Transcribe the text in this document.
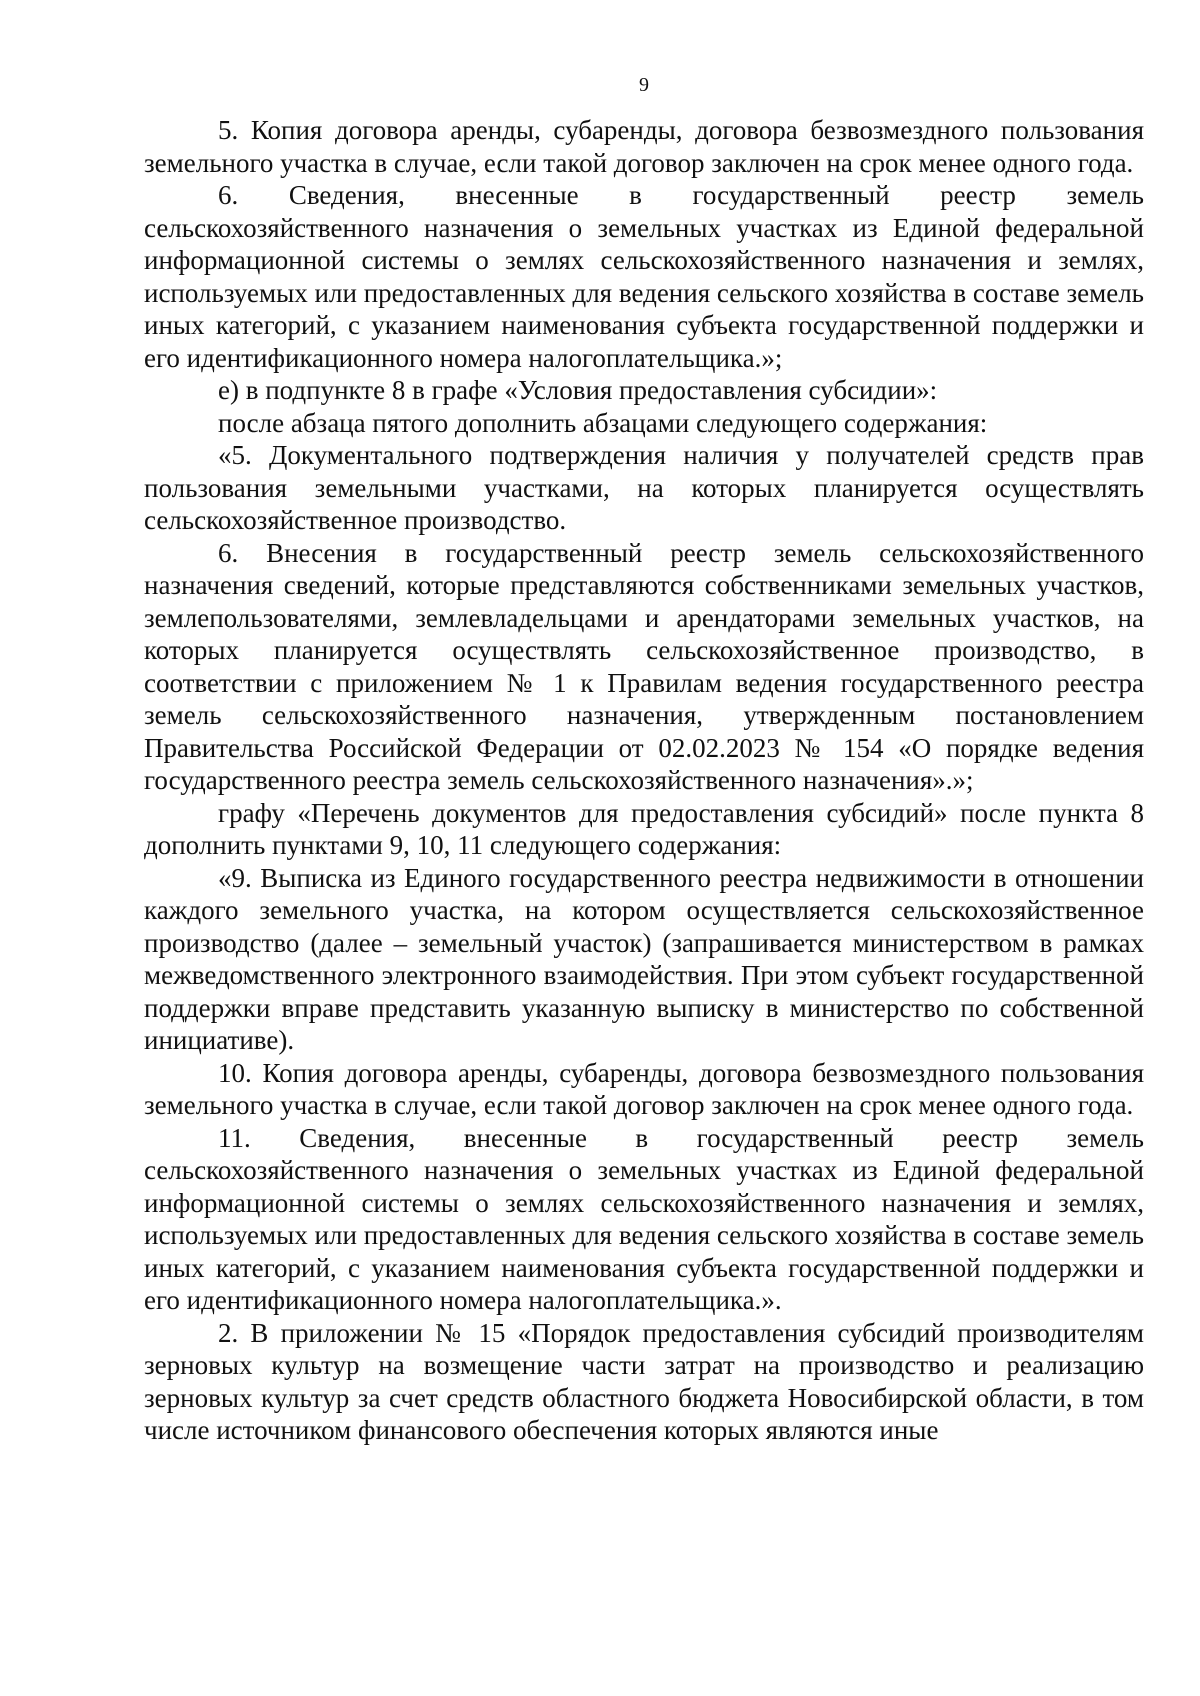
9

5. Копия договора аренды, субаренды, договора безвозмездного пользования земельного участка в случае, если такой договор заключен на срок менее одного года.

6. Сведения, внесенные в государственный реестр земель сельскохозяйственного назначения о земельных участках из Единой федеральной информационной системы о землях сельскохозяйственного назначения и землях, используемых или предоставленных для ведения сельского хозяйства в составе земель иных категорий, с указанием наименования субъекта государственной поддержки и его идентификационного номера налогоплательщика.»;

е) в подпункте 8 в графе «Условия предоставления субсидии»:

после абзаца пятого дополнить абзацами следующего содержания:

«5. Документального подтверждения наличия у получателей средств прав пользования земельными участками, на которых планируется осуществлять сельскохозяйственное производство.

6. Внесения в государственный реестр земель сельскохозяйственного назначения сведений, которые представляются собственниками земельных участков, землепользователями, землевладельцами и арендаторами земельных участков, на которых планируется осуществлять сельскохозяйственное производство, в соответствии с приложением № 1 к Правилам ведения государственного реестра земель сельскохозяйственного назначения, утвержденным постановлением Правительства Российской Федерации от 02.02.2023 № 154 «О порядке ведения государственного реестра земель сельскохозяйственного назначения».»;

графу «Перечень документов для предоставления субсидий» после пункта 8 дополнить пунктами 9, 10, 11 следующего содержания:

«9. Выписка из Единого государственного реестра недвижимости в отношении каждого земельного участка, на котором осуществляется сельскохозяйственное производство (далее – земельный участок) (запрашивается министерством в рамках межведомственного электронного взаимодействия. При этом субъект государственной поддержки вправе представить указанную выписку в министерство по собственной инициативе).

10. Копия договора аренды, субаренды, договора безвозмездного пользования земельного участка в случае, если такой договор заключен на срок менее одного года.

11. Сведения, внесенные в государственный реестр земель сельскохозяйственного назначения о земельных участках из Единой федеральной информационной системы о землях сельскохозяйственного назначения и землях, используемых или предоставленных для ведения сельского хозяйства в составе земель иных категорий, с указанием наименования субъекта государственной поддержки и его идентификационного номера налогоплательщика.».

2. В приложении № 15 «Порядок предоставления субсидий производителям зерновых культур на возмещение части затрат на производство и реализацию зерновых культур за счет средств областного бюджета Новосибирской области, в том числе источником финансового обеспечения которых являются иные
